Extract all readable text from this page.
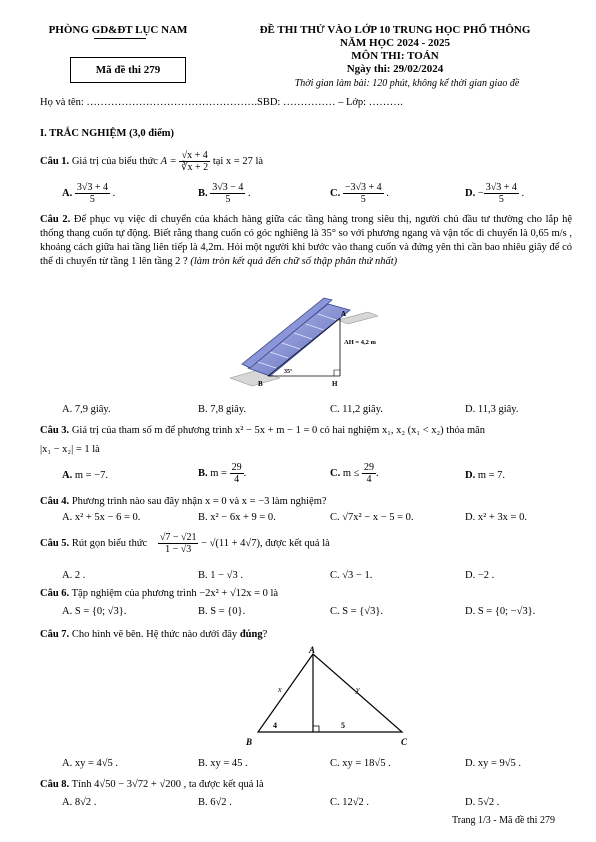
PHÒNG GD&ĐT LỤC NAM
Mã đề thi 279
ĐỀ THI THỬ VÀO LỚP 10 TRUNG HỌC PHỔ THÔNG
NĂM HỌC 2024 - 2025
MÔN THI: TOÁN
Ngày thi: 29/02/2024
Thời gian làm bài: 120 phút, không kể thời gian giao đề
Họ và tên: ………………………………………….SBD: …………… – Lớp: ……….
I. TRẮC NGHIỆM (3,0 điểm)
Câu 1. Giá trị của biểu thức $A = \frac{√x + 4}{∛x + 2}$ tại x = 27 là
A. $\frac{3√3 + 4}{5}$ .	B. $\frac{3√3 - 4}{5}$ .	C. $\frac{-3√3 + 4}{5}$ .	D. − $\frac{3√3 + 4}{5}$ .
Câu 2. Để phục vụ việc di chuyển của khách hàng giữa các tầng hàng trong siêu thị, người chủ đầu tư thường cho lắp hệ thống thang cuốn tự động. Biết rằng thang cuốn có góc nghiêng là 35° so với phương ngang và vận tốc di chuyển là 0,65 m/s , khoảng cách giữa hai tầng liên tiếp là 4,2m. Hỏi một người khi bước vào thang cuốn và đứng yên thì cần bao nhiêu giây để có thể di chuyển từ tầng 1 lên tầng 2 ? (làm tròn kết quả đến chữ số thập phân thứ nhất)
A
B	H
AH = 4,2 m
35°
A. 7,9 giây.	B. 7,8 giây.	C. 11,2 giây.	D. 11,3 giây.
Câu 3. Giá trị của tham số m để phương trình x² − 5x + m − 1 = 0 có hai nghiệm x₁, x₂ (x₁ < x₂) thỏa mãn
|x₁ − x₂| = 1 là
A. m = −7.	B. $m = \frac{29}{4}$ .	C. $m \le \frac{29}{4}$ .	D. m = 7.
Câu 4. Phương trình nào sau đây nhận x = 0 và x = −3 làm nghiệm?
A. x² + 5x − 6 = 0.	B. x² − 6x + 9 = 0.	C. √7x² − x − 5 = 0.	D. x² + 3x = 0.
Câu 5. Rút gọn biểu thức $\frac{√7 - √21}{1 - √3} - √(11 + 4√7)$, được kết quả là
A. 2 .	B. 1 − √3 .	C. √3 − 1.	D. −2 .
Câu 6. Tập nghiệm của phương trình −2x² + √12x = 0 là
A. S = {0; √3}.	B. S = {0}.	C. S = {√3}.	D. S = {0; −√3}.
Câu 7. Cho hình vẽ bên. Hệ thức nào dưới đây đúng?
A
B	C
x	y
4	5
A. xy = 4√5 .	B. xy = 45 .	C. xy = 18√5 .	D. xy = 9√5 .
Câu 8. Tính 4√50 − 3√72 + √200 , ta được kết quả là
A. 8√2 .	B. 6√2 .	C. 12√2 .	D. 5√2 .
Trang 1/3 - Mã đề thi 279
